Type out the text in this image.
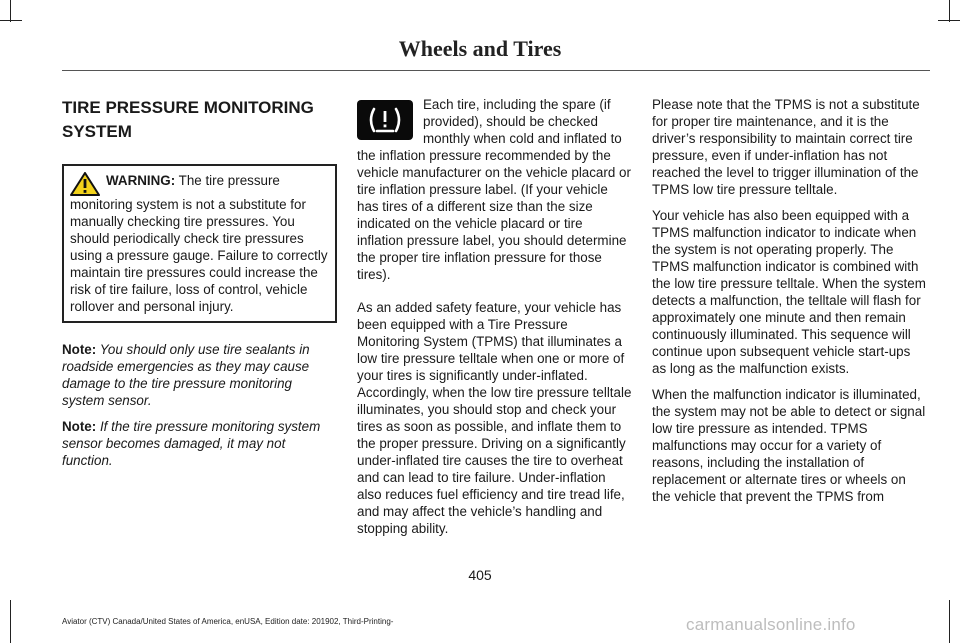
Wheels and Tires
TIRE PRESSURE MONITORING
SYSTEM
WARNING: The tire pressure monitoring system is not a substitute for manually checking tire pressures. You should periodically check tire pressures using a pressure gauge. Failure to correctly maintain tire pressures could increase the risk of tire failure, loss of control, vehicle rollover and personal injury.

Note: You should only use tire sealants in roadside emergencies as they may cause damage to the tire pressure monitoring system sensor.

Note: If the tire pressure monitoring system sensor becomes damaged, it may not function.

Each tire, including the spare (if provided), should be checked monthly when cold and inflated to the inflation pressure recommended by the vehicle manufacturer on the vehicle placard or tire inflation pressure label. (If your vehicle has tires of a different size than the size indicated on the vehicle placard or tire inflation pressure label, you should determine the proper tire inflation pressure for those tires).

As an added safety feature, your vehicle has been equipped with a Tire Pressure Monitoring System (TPMS) that illuminates a low tire pressure telltale when one or more of your tires is significantly under-inflated. Accordingly, when the low tire pressure telltale illuminates, you should stop and check your tires as soon as possible, and inflate them to the proper pressure. Driving on a significantly under-inflated tire causes the tire to overheat and can lead to tire failure. Under-inflation also reduces fuel efficiency and tire tread life, and may affect the vehicle’s handling and stopping ability.

Please note that the TPMS is not a substitute for proper tire maintenance, and it is the driver’s responsibility to maintain correct tire pressure, even if under-inflation has not reached the level to trigger illumination of the TPMS low tire pressure telltale.

Your vehicle has also been equipped with a TPMS malfunction indicator to indicate when the system is not operating properly. The TPMS malfunction indicator is combined with the low tire pressure telltale. When the system detects a malfunction, the telltale will flash for approximately one minute and then remain continuously illuminated. This sequence will continue upon subsequent vehicle start-ups as long as the malfunction exists.

When the malfunction indicator is illuminated, the system may not be able to detect or signal low tire pressure as intended. TPMS malfunctions may occur for a variety of reasons, including the installation of replacement or alternate tires or wheels on the vehicle that prevent the TPMS from

405
Aviator (CTV) Canada/United States of America, enUSA, Edition date: 201902, Third-Printing-	carmanualsonline.info
